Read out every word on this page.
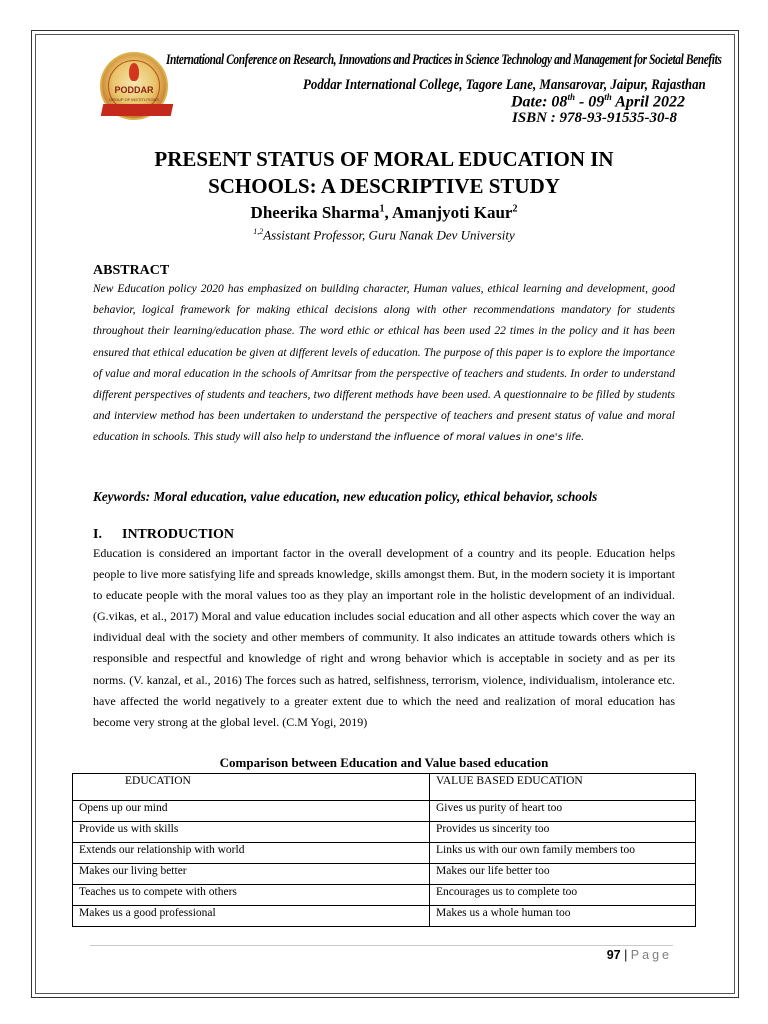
PODDAR
GROUP OF INSTITUTIONS
International Conference on Research, Innovations and Practices in Science Technology and Management for Societal Benefits
Poddar International College, Tagore Lane, Mansarovar, Jaipur, Rajasthan
Date: 08th - 09th April 2022
ISBN : 978-93-91535-30-8
PRESENT STATUS OF MORAL EDUCATION IN
SCHOOLS: A DESCRIPTIVE STUDY
Dheerika Sharma$^1$, Amanjyoti Kaur$^2$
$^{1,2}$Assistant Professor, Guru Nanak Dev University
ABSTRACT
New Education policy 2020 has emphasized on building character, Human values, ethical learning and development, good behavior, logical framework for making ethical decisions along with other recommendations mandatory for students throughout their learning/education phase. The word ethic or ethical has been used 22 times in the policy and it has been ensured that ethical education be given at different levels of education. The purpose of this paper is to explore the importance of value and moral education in the schools of Amritsar from the perspective of teachers and students. In order to understand different perspectives of students and teachers, two different methods have been used. A questionnaire to be filled by students and interview method has been undertaken to understand the perspective of teachers and present status of value and moral education in schools. This study will also help to understand the influence of moral values in one's life.
Keywords: Moral education, value education, new education policy, ethical behavior, schools
I. INTRODUCTION
Education is considered an important factor in the overall development of a country and its people. Education helps people to live more satisfying life and spreads knowledge, skills amongst them. But, in the modern society it is important to educate people with the moral values too as they play an important role in the holistic development of an individual. (G.vikas, et al., 2017) Moral and value education includes social education and all other aspects which cover the way an individual deal with the society and other members of community. It also indicates an attitude towards others which is responsible and respectful and knowledge of right and wrong behavior which is acceptable in society and as per its norms. (V. kanzal, et al., 2016) The forces such as hatred, selfishness, terrorism, violence, individualism, intolerance etc. have affected the world negatively to a greater extent due to which the need and realization of moral education has become very strong at the global level. (C.M Yogi, 2019)
Comparison between Education and Value based education
EDUCATION	VALUE BASED EDUCATION
Opens up our mind	Gives us purity of heart too
Provide us with skills	Provides us sincerity too
Extends our relationship with world	Links us with our own family members too
Makes our living better	Makes our life better too
Teaches us to compete with others	Encourages us to complete too
Makes us a good professional	Makes us a whole human too
97 | Page
